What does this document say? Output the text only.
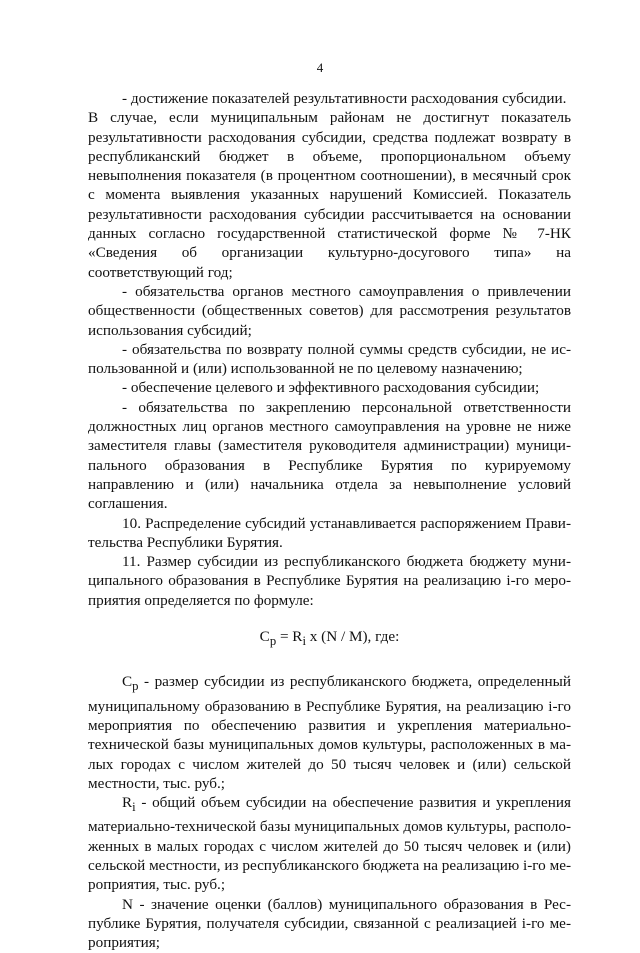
4

- достижение показателей результативности расходования субсидии.

В случае, если муниципальным районам не достигнут показатель результативности расходования субсидии, средства подлежат возврату в республиканский бюджет в объеме, пропорциональном объему невыполнения показателя (в процентном соотношении), в месячный срок с момента выявления указанных нарушений Комиссией. Показатель результативности расходования субсидии рассчитывается на основании данных согласно государственной статистической форме № 7-НК «Сведения об организации культурно-досугового типа» на соответствующий год;

- обязательства органов местного самоуправления о привлечении общественности (общественных советов) для рассмотрения результатов использования субсидий;

- обязательства по возврату полной суммы средств субсидии, не использованной и (или) использованной не по целевому назначению;

- обеспечение целевого и эффективного расходования субсидии;

- обязательства по закреплению персональной ответственности должностных лиц органов местного самоуправления на уровне не ниже заместителя главы (заместителя руководителя администрации) муниципального образования в Республике Бурятия по курируемому направлению и (или) начальника отдела за невыполнение условий соглашения.

10. Распределение субсидий устанавливается распоряжением Правительства Республики Бурятия.

11. Размер субсидии из республиканского бюджета бюджету муниципального образования в Республике Бурятия на реализацию i-го мероприятия определяется по формуле:

$C_p = R_i$ x (N / M), где:

$C_p$ - размер субсидии из республиканского бюджета, определенный муниципальному образованию в Республике Бурятия, на реализацию i-го мероприятия по обеспечению развития и укрепления материально-технической базы муниципальных домов культуры, расположенных в малых городах с числом жителей до 50 тысяч человек и (или) сельской местности, тыс. руб.;

$R_i$ - общий объем субсидии на обеспечение развития и укрепления материально-технической базы муниципальных домов культуры, расположенных в малых городах с числом жителей до 50 тысяч человек и (или) сельской местности, из республиканского бюджета на реализацию i-го мероприятия, тыс. руб.;

N - значение оценки (баллов) муниципального образования в Республике Бурятия, получателя субсидии, связанной с реализацией i-го мероприятия;
